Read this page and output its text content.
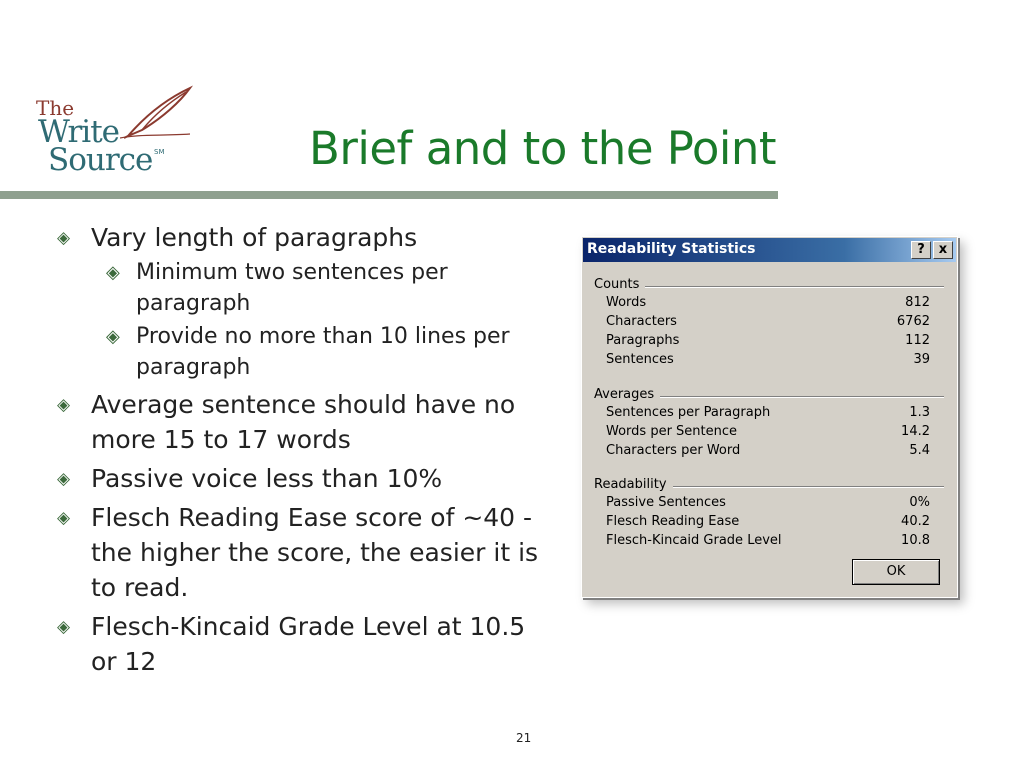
The
Write
Source SM	Brief and to the Point
◈ Vary length of paragraphs
◈ Minimum two sentences per paragraph
◈ Provide no more than 10 lines per paragraph
◈ Average sentence should have no more 15 to 17 words
◈ Passive voice less than 10%
◈ Flesch Reading Ease score of ~40 - the higher the score, the easier it is to read.
◈ Flesch-Kincaid Grade Level at 10.5 or 12
Readability Statistics	?	x
Counts
Words	812
Characters	6762
Paragraphs	112
Sentences	39
Averages
Sentences per Paragraph	1.3
Words per Sentence	14.2
Characters per Word	5.4
Readability
Passive Sentences	0%
Flesch Reading Ease	40.2
Flesch-Kincaid Grade Level	10.8
OK
21
